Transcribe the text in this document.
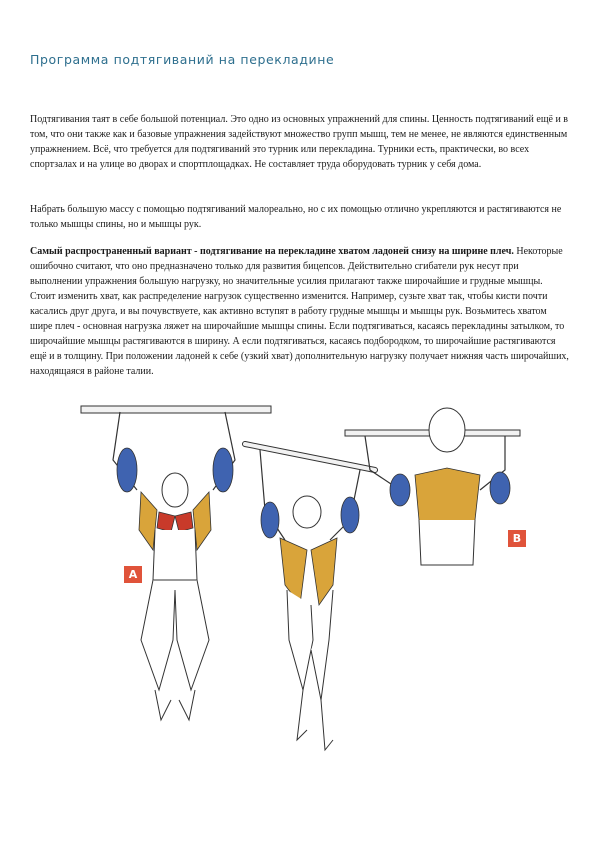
Программа подтягиваний на перекладине

Подтягивания таят в себе большой потенциал. Это одно из основных упражнений для спины. Ценность подтягиваний ещё и в том, что они также как и базовые упражнения задействуют множество групп мышц, тем не менее, не являются единственным упражнением. Всё, что требуется для подтягиваний это турник или перекладина. Турники есть, практически, во всех спортзалах и на улице во дворах и спортплощадках. Не составляет труда оборудовать турник у себя дома.

Набрать большую массу с помощью подтягиваний малореально, но с их помощью отлично укрепляются и растягиваются не только мышцы спины, но и мышцы рук.

Самый распространенный вариант - подтягивание на перекладине хватом ладоней снизу на ширине плеч. Некоторые ошибочно считают, что оно предназначено только для развития бицепсов. Действительно сгибатели рук несут при выполнении упражнения большую нагрузку, но значительные усилия прилагают также широчайшие и грудные мышцы. Стоит изменить хват, как распределение нагрузок существенно изменится. Например, сузьте хват так, чтобы кисти почти касались друг друга, и вы почувствуете, как активно вступят в работу грудные мышцы и мышцы рук. Возьмитесь хватом шире плеч - основная нагрузка ляжет на широчайшие мышцы спины. Если подтягиваться, касаясь перекладины затылком, то широчайшие мышцы растягиваются в ширину. А если подтягиваться, касаясь подбородком, то широчайшие растягиваются ещё и в толщину. При положении ладоней к себе (узкий хват) дополнительную нагрузку получает нижняя часть широчайших, находящаяся в районе талии.

A
B
